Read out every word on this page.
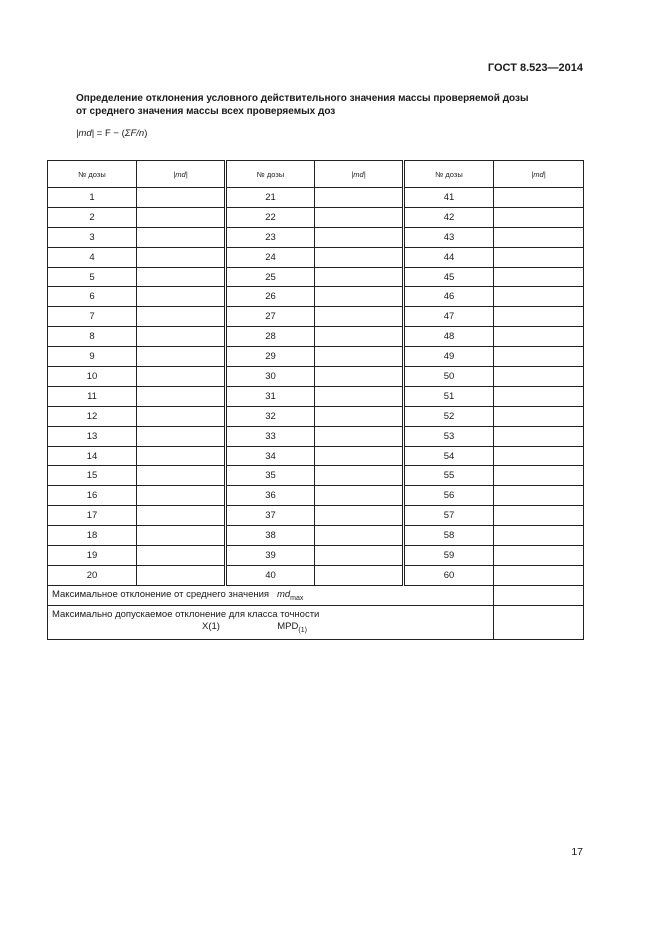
ГОСТ 8.523—2014
Определение отклонения условного действительного значения массы проверяемой дозы
от среднего значения массы всех проверяемых доз
|md| = F − (ΣF/n)
№ дозы	|md|	№ дозы	|md|	№ дозы	|md|
1		21		41	
2		22		42	
3		23		43	
4		24		44	
5		25		45	
6		26		46	
7		27		47	
8		28		48	
9		29		49	
10		30		50	
11		31		51	
12		32		52	
13		33		53	
14		34		54	
15		35		55	
16		36		56	
17		37		57	
18		38		58	
19		39		59	
20		40		60	
Максимальное отклонение от среднего значения $md_{max}$	

Максимально допускаемое отклонение для класса точности
X(1) $MPD_{(1)}$

17
